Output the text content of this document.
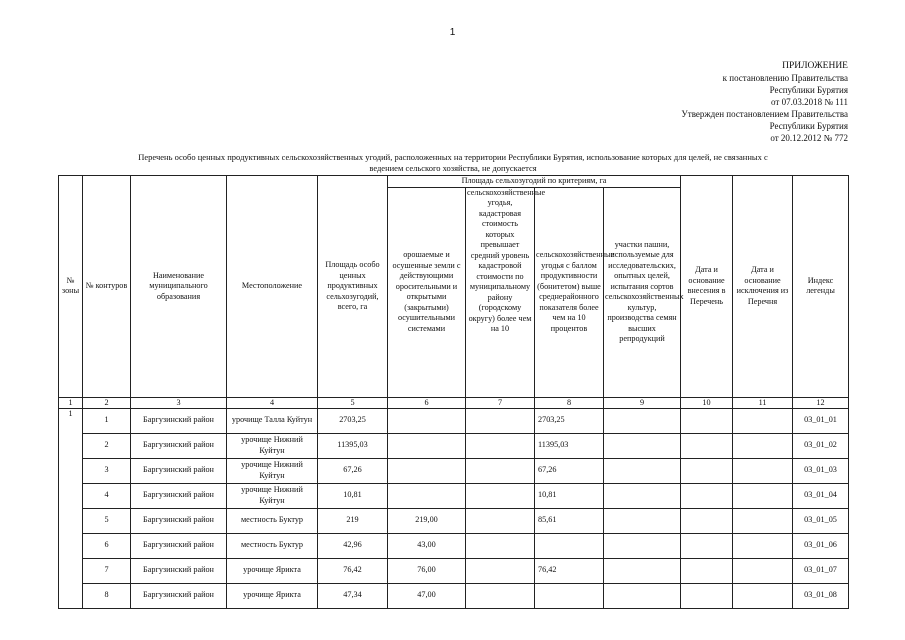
1
ПРИЛОЖЕНИЕ
к постановлению Правительства
Республики Бурятия
от 07.03.2018 № 111
Утвержден постановлением Правительства
Республики Бурятия
от 20.12.2012 № 772
Перечень особо ценных продуктивных сельскохозяйственных угодий, расположенных на территории Республики Бурятия, использование которых для целей, не связанных с
ведением сельского хозяйства, не допускается
№ зоны	№ контуров	Наименование муниципального образования	Местоположение	Площадь особо ценных продуктивных сельхозугодий, всего, га	Площадь сельхозугодий по критериям, га				Дата и основание внесения в Перечень	Дата и основание исключения из Перечня	Индекс легенды
					орошаемые и осушенные земли с действующими оросительными и открытыми (закрытыми) осушительными системами	сельскохозяйственные угодья, кадастровая стоимость которых превышает средний уровень кадастровой стоимости по муниципальному району (городскому округу) более чем на 10	сельскохозяйственные угодья с баллом продуктивности (бонитетом) выше среднерайонного показателя более чем на 10 процентов	участки пашни, используемые для исследовательских, опытных целей, испытания сортов сельскохозяйственных культур, производства семян высших репродукций			
1	2	3	4	5	6	7	8	9	10	11	12
1	1	Баргузинский район	урочище Талла Куйтун	2703,25			2703,25				03_01_01
	2	Баргузинский район	урочище Нижний Куйтун	11395,03			11395,03				03_01_02
	3	Баргузинский район	урочище Нижний Куйтун	67,26			67,26				03_01_03
	4	Баргузинский район	урочище Нижний Куйтун	10,81			10,81				03_01_04
	5	Баргузинский район	местность Буктур	219	219,00		85,61				03_01_05
	6	Баргузинский район	местность Буктур	42,96	43,00						03_01_06
	7	Баргузинский район	урочище Ярикта	76,42	76,00		76,42				03_01_07
	8	Баргузинский район	урочище Ярикта	47,34	47,00						03_01_08
